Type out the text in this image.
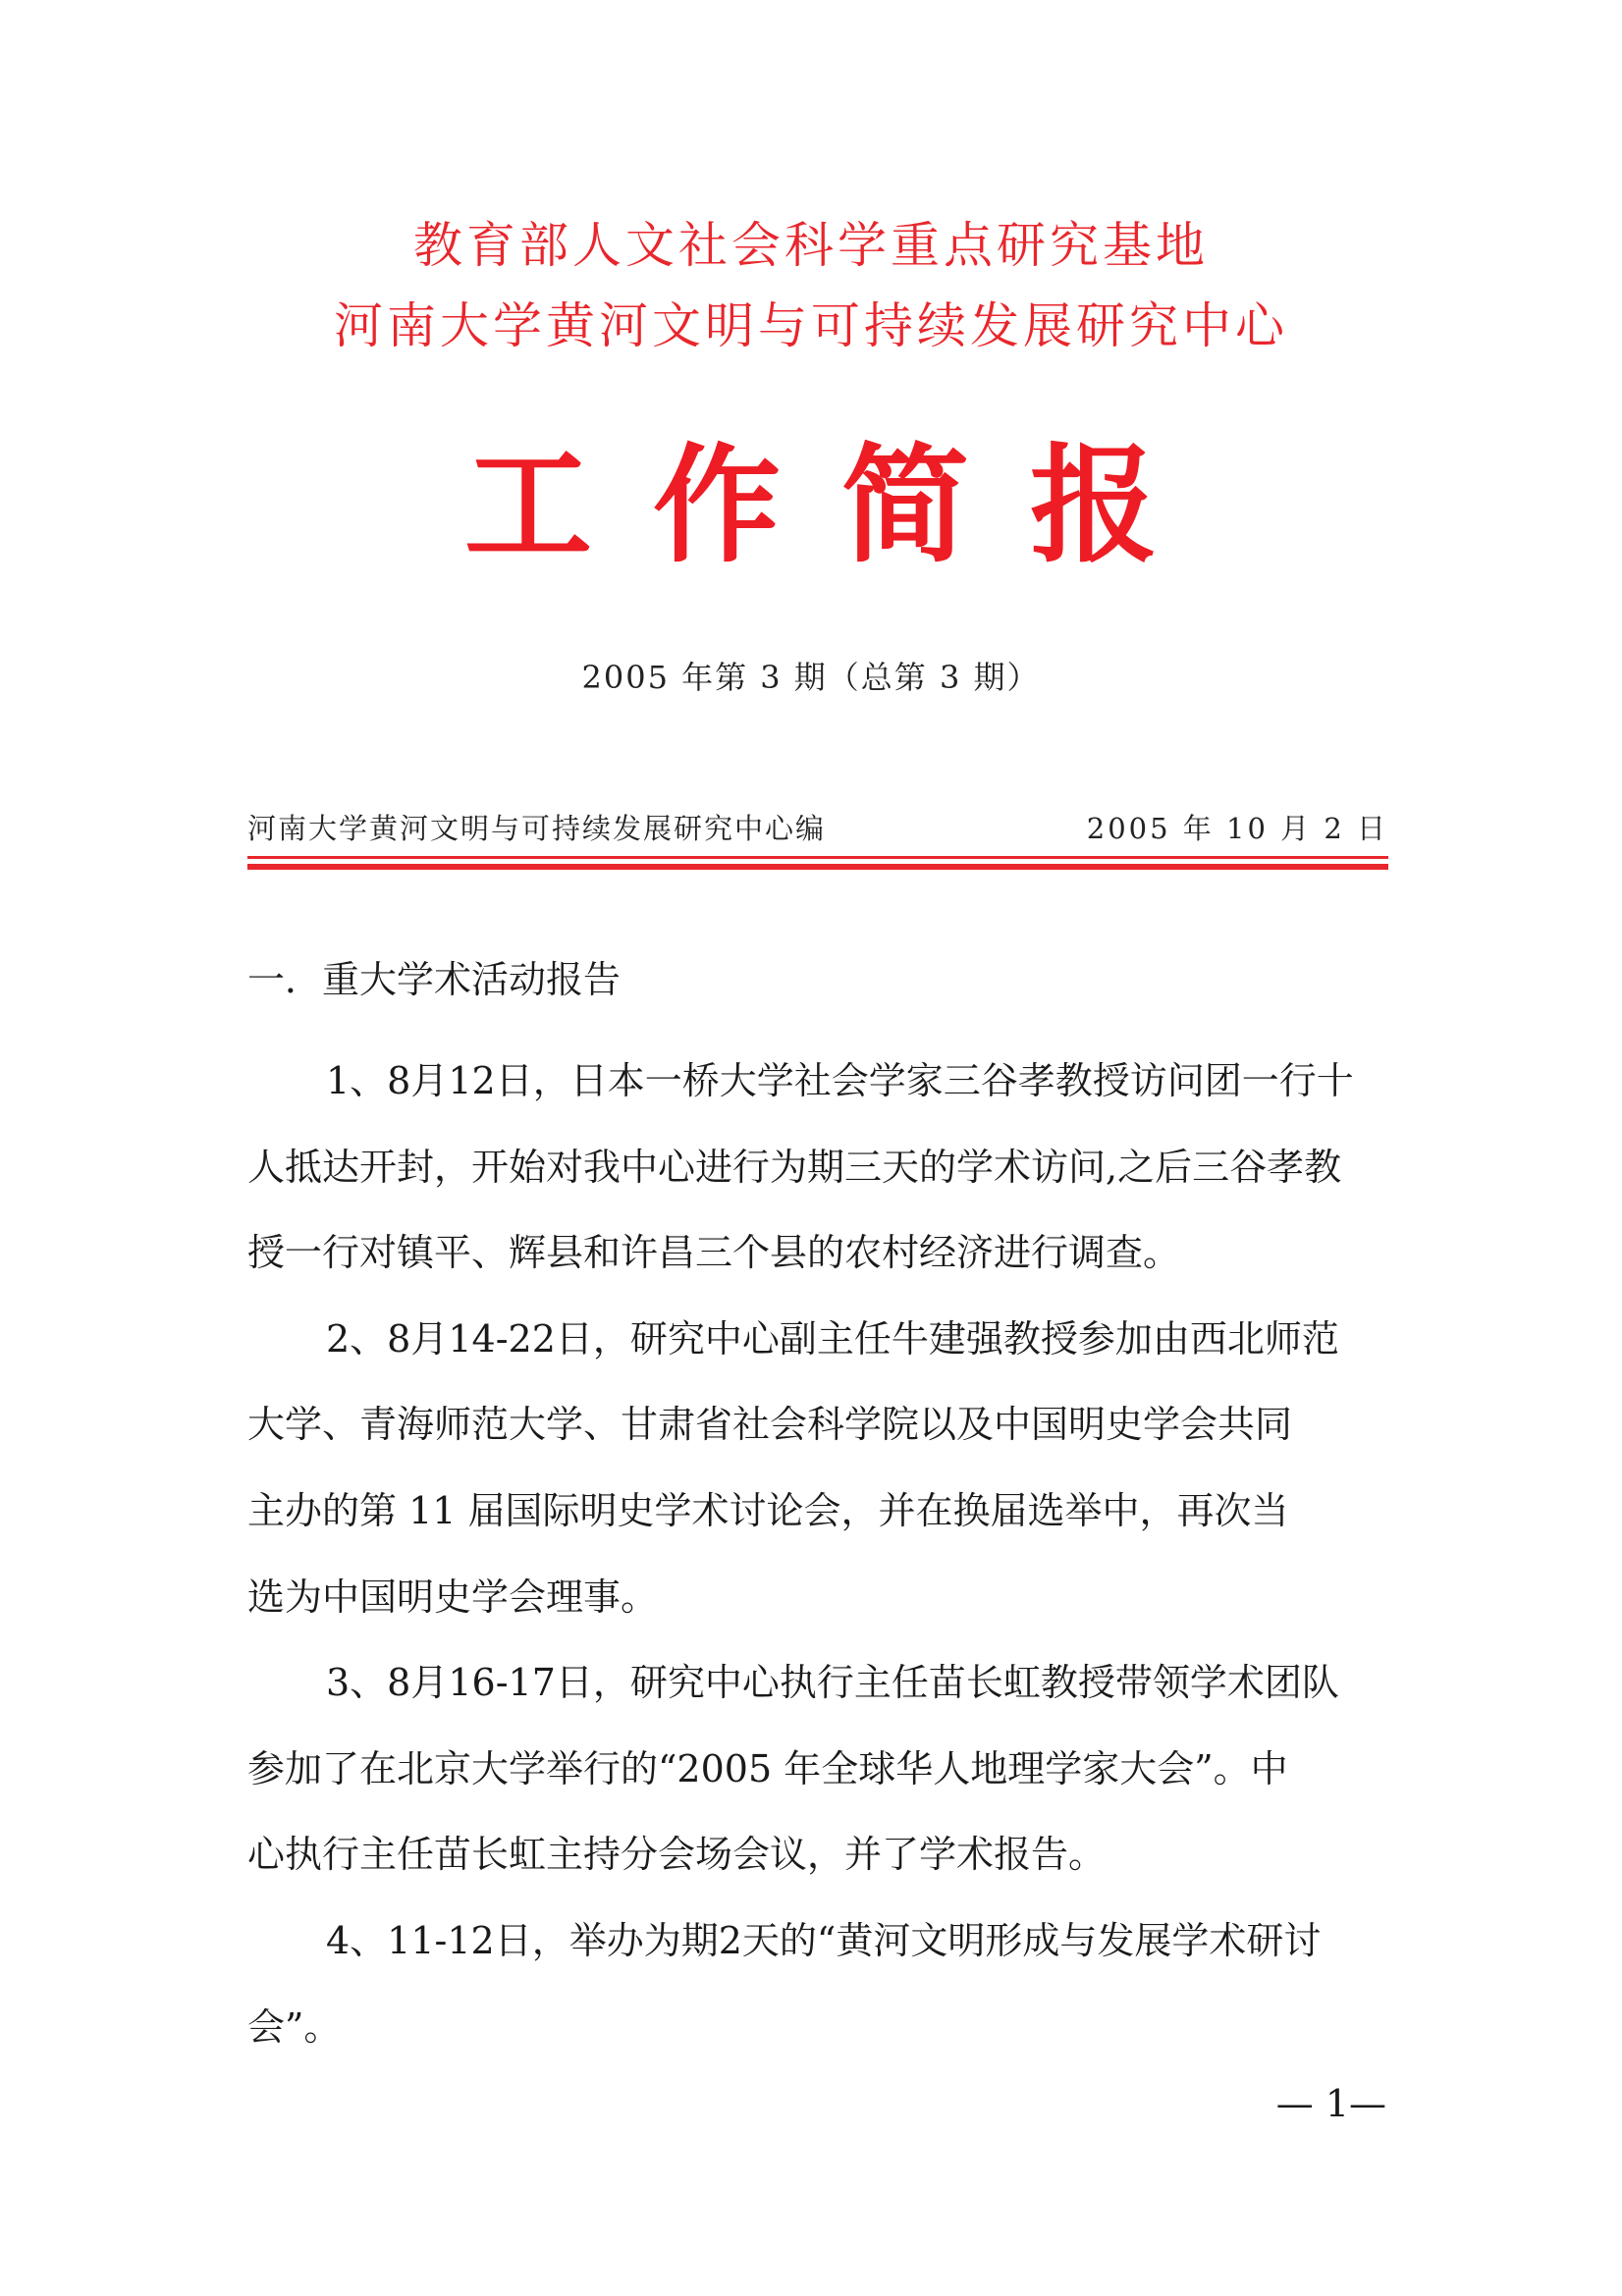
教育部人文社会科学重点研究基地
河南大学黄河文明与可持续发展研究中心
工作简报
2005 年第 3 期（总第 3 期）
河南大学黄河文明与可持续发展研究中心编	2005 年 10 月 2 日
一．重大学术活动报告
1、8月12日，日本一桥大学社会学家三谷孝教授访问团一行十
人抵达开封，开始对我中心进行为期三天的学术访问,之后三谷孝教
授一行对镇平、辉县和许昌三个县的农村经济进行调查。
2、8月14-22日，研究中心副主任牛建强教授参加由西北师范
大学、青海师范大学、甘肃省社会科学院以及中国明史学会共同
主办的第 11 届国际明史学术讨论会，并在换届选举中，再次当
选为中国明史学会理事。
3、8月16-17日，研究中心执行主任苗长虹教授带领学术团队
参加了在北京大学举行的“2005 年全球华人地理学家大会”。中
心执行主任苗长虹主持分会场会议，并了学术报告。
4、11-12日，举办为期2天的“黄河文明形成与发展学术研讨
会”。
— 1—
